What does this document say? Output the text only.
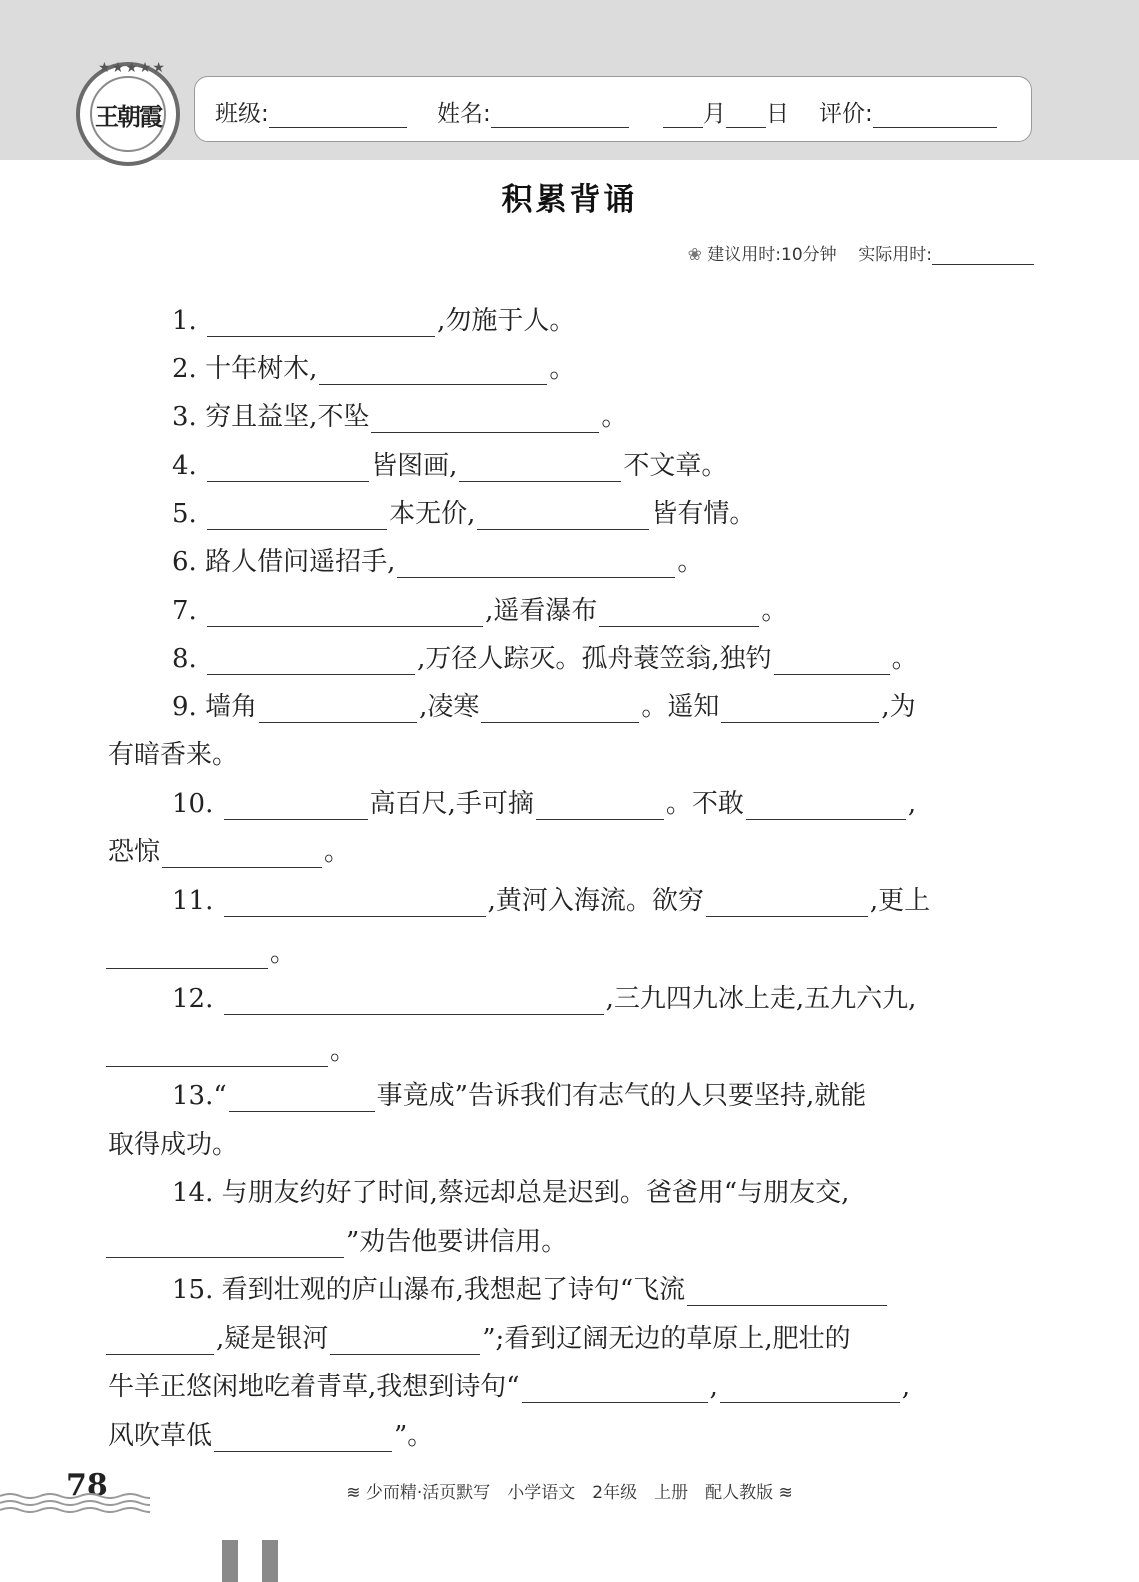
★★★★★
王朝霞 班级:	姓名:	月 日 评价:
积累背诵
❀ 建议用时:10分钟 实际用时:
1.	,勿施于人。
2. 十年树木,	。
3. 穷且益坚,不坠	。
4.	皆图画,	不文章。
5.	本无价,	皆有情。
6. 路人借问遥招手,	。
7.	,遥看瀑布	。
8.	,万径人踪灭。孤舟蓑笠翁,独钓	。
9. 墙角	,凌寒	。遥知	,为
有暗香来。
10.	高百尺,手可摘	。不敢	,
恐惊	。
11.	,黄河入海流。欲穷	,更上
。
12.	,三九四九冰上走,五九六九,
。
13.“	事竟成”告诉我们有志气的人只要坚持,就能
取得成功。
14. 与朋友约好了时间,蔡远却总是迟到。爸爸用“与朋友交,
”劝告他要讲信用。
15. 看到壮观的庐山瀑布,我想起了诗句“飞流
,疑是银河	”;看到辽阔无边的草原上,肥壮的
牛羊正悠闲地吃着青草,我想到诗句“	,	,
风吹草低	”。
78	≋ 少而精·活页默写　小学语文　2年级　上册　配人教版 ≋
